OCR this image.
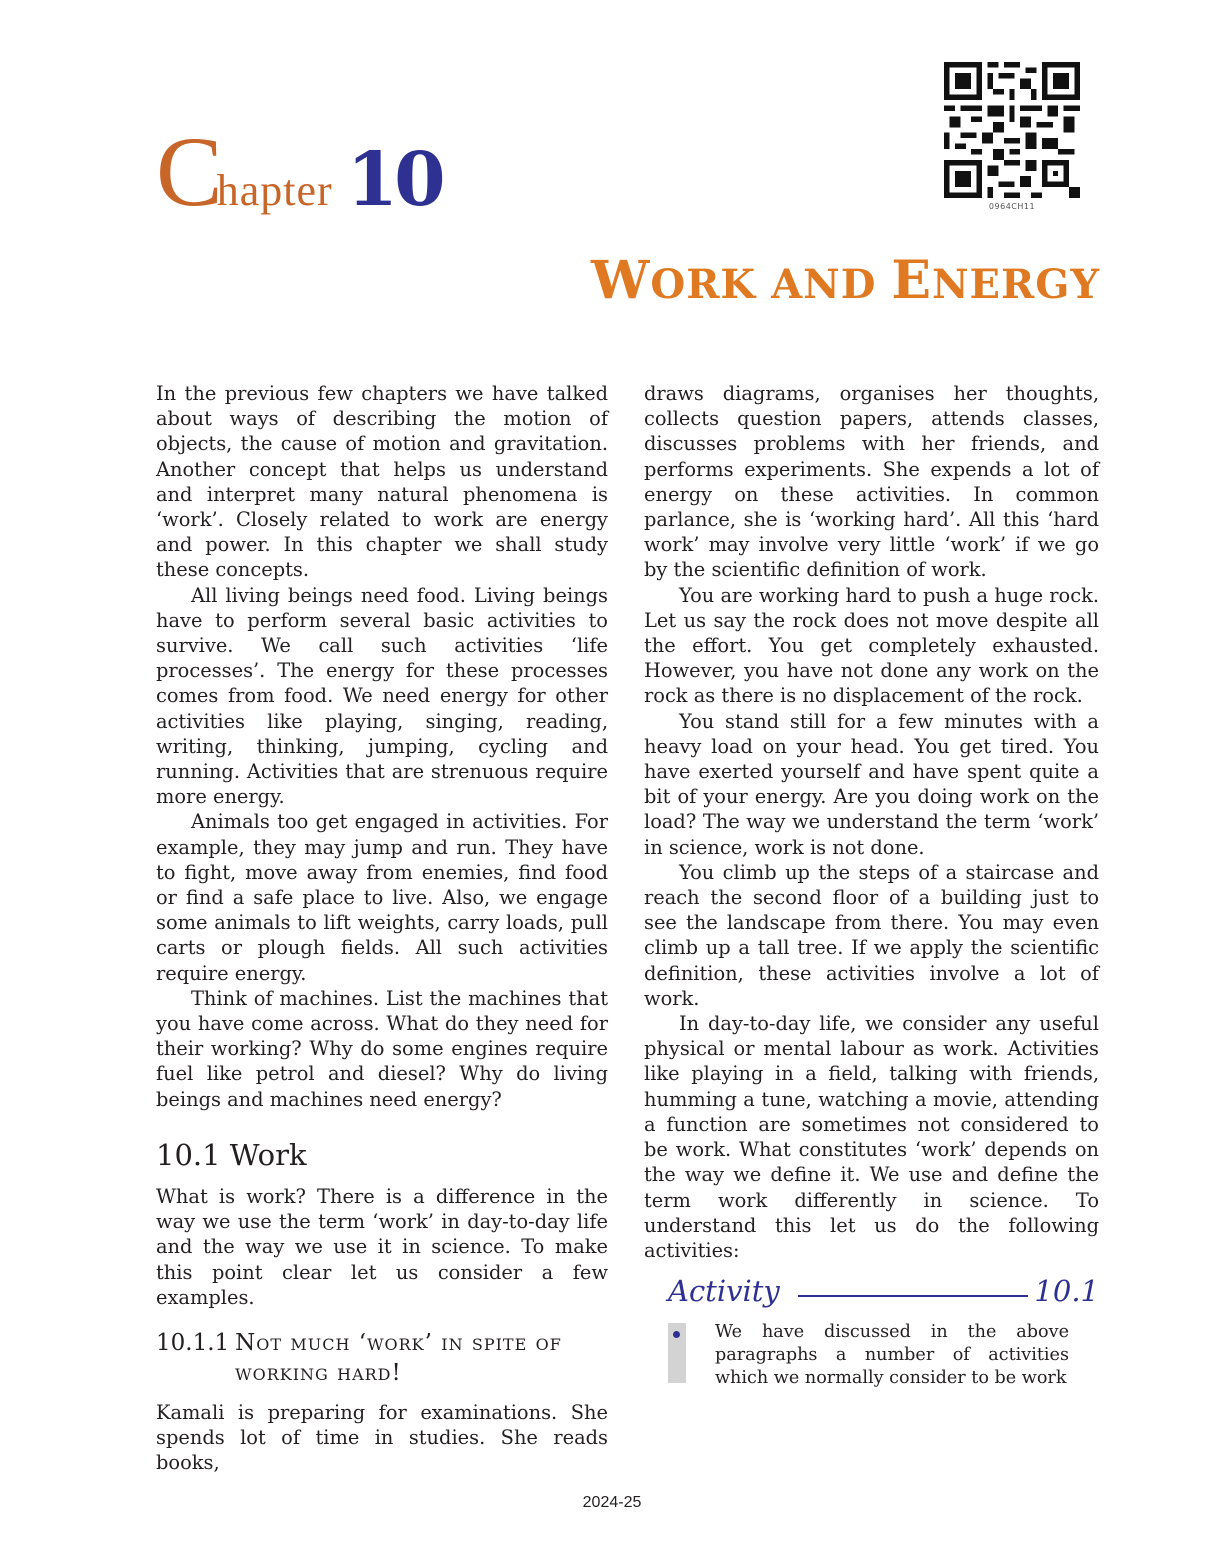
C hapter 10	0964CH11
WORK AND ENERGY

In the previous few chapters we have talked about ways of describing the motion of objects, the cause of motion and gravitation. Another concept that helps us understand and interpret many natural phenomena is ‘work’. Closely related to work are energy and power. In this chapter we shall study these concepts.

All living beings need food. Living beings have to perform several basic activities to survive. We call such activities ‘life processes’. The energy for these processes comes from food. We need energy for other activities like playing, singing, reading, writing, thinking, jumping, cycling and running. Activities that are strenuous require more energy.

Animals too get engaged in activities. For example, they may jump and run. They have to fight, move away from enemies, find food or find a safe place to live. Also, we engage some animals to lift weights, carry loads, pull carts or plough fields. All such activities require energy.

Think of machines. List the machines that you have come across. What do they need for their working? Why do some engines require fuel like petrol and diesel? Why do living beings and machines need energy?

10.1 Work

What is work? There is a difference in the way we use the term ‘work’ in day-to-day life and the way we use it in science. To make this point clear let us consider a few examples.

10.1.1 Not much ‘work’ in spite of
working hard!

Kamali is preparing for examinations. She spends lot of time in studies. She reads books,

draws diagrams, organises her thoughts, collects question papers, attends classes, discusses problems with her friends, and performs experiments. She expends a lot of energy on these activities. In common parlance, she is ‘working hard’. All this ‘hard work’ may involve very little ‘work’ if we go by the scientific definition of work.

You are working hard to push a huge rock. Let us say the rock does not move despite all the effort. You get completely exhausted. However, you have not done any work on the rock as there is no displacement of the rock.

You stand still for a few minutes with a heavy load on your head. You get tired. You have exerted yourself and have spent quite a bit of your energy. Are you doing work on the load? The way we understand the term ‘work’ in science, work is not done.

You climb up the steps of a staircase and reach the second floor of a building just to see the landscape from there. You may even climb up a tall tree. If we apply the scientific definition, these activities involve a lot of work.

In day-to-day life, we consider any useful physical or mental labour as work. Activities like playing in a field, talking with friends, humming a tune, watching a movie, attending a function are sometimes not considered to be work. What constitutes ‘work’ depends on the way we define it. We use and define the term work differently in science. To understand this let us do the following activities:

Activity	10.1
We have discussed in the above paragraphs a number of activities which we normally consider to be work
2024-25
